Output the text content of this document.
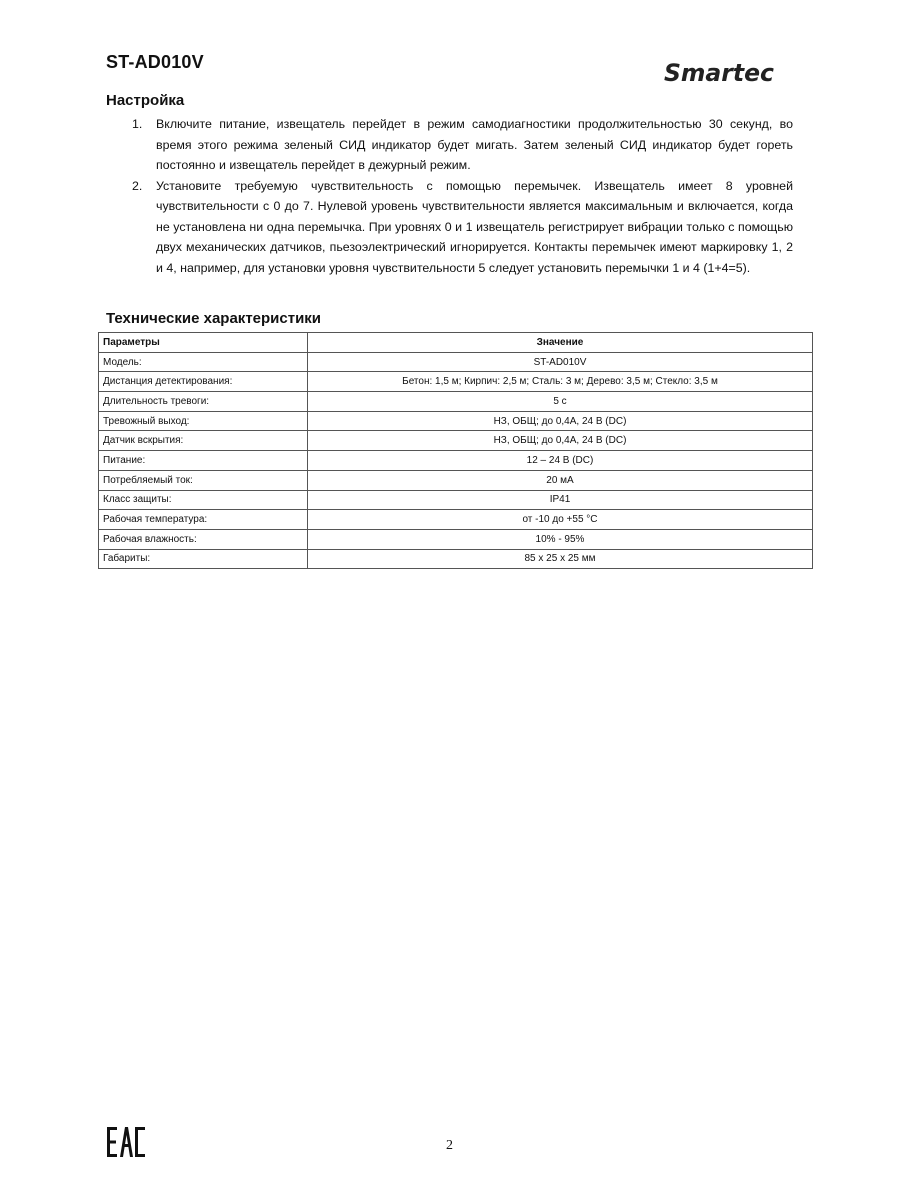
ST-AD010V	Smartec
Настройка
1. Включите питание, извещатель перейдет в режим самодиагностики продолжительностью 30 секунд, во время этого режима зеленый СИД индикатор будет мигать. Затем зеленый СИД индикатор будет гореть постоянно и извещатель перейдет в дежурный режим.
2. Установите требуемую чувствительность с помощью перемычек. Извещатель имеет 8 уровней чувствительности с 0 до 7. Нулевой уровень чувствительности является максимальным и включается, когда не установлена ни одна перемычка. При уровнях 0 и 1 извещатель регистрирует вибрации только с помощью двух механических датчиков, пьезоэлектрический игнорируется. Контакты перемычек имеют маркировку 1, 2 и 4, например, для установки уровня чувствительности 5 следует установить перемычки 1 и 4 (1+4=5).
Технические характеристики
Параметры	Значение
Модель:	ST-AD010V
Дистанция детектирования:	Бетон: 1,5 м; Кирпич: 2,5 м; Сталь: 3 м; Дерево: 3,5 м; Стекло: 3,5 м
Длительность тревоги:	5 с
Тревожный выход:	НЗ, ОБЩ; до 0,4А, 24 В (DC)
Датчик вскрытия:	НЗ, ОБЩ; до 0,4А, 24 В (DC)
Питание:	12 – 24 В (DC)
Потребляемый ток:	20 мА
Класс защиты:	IP41
Рабочая температура:	от -10 до +55 °C
Рабочая влажность:	10% - 95%
Габариты:	85 x 25 x 25 мм
2
